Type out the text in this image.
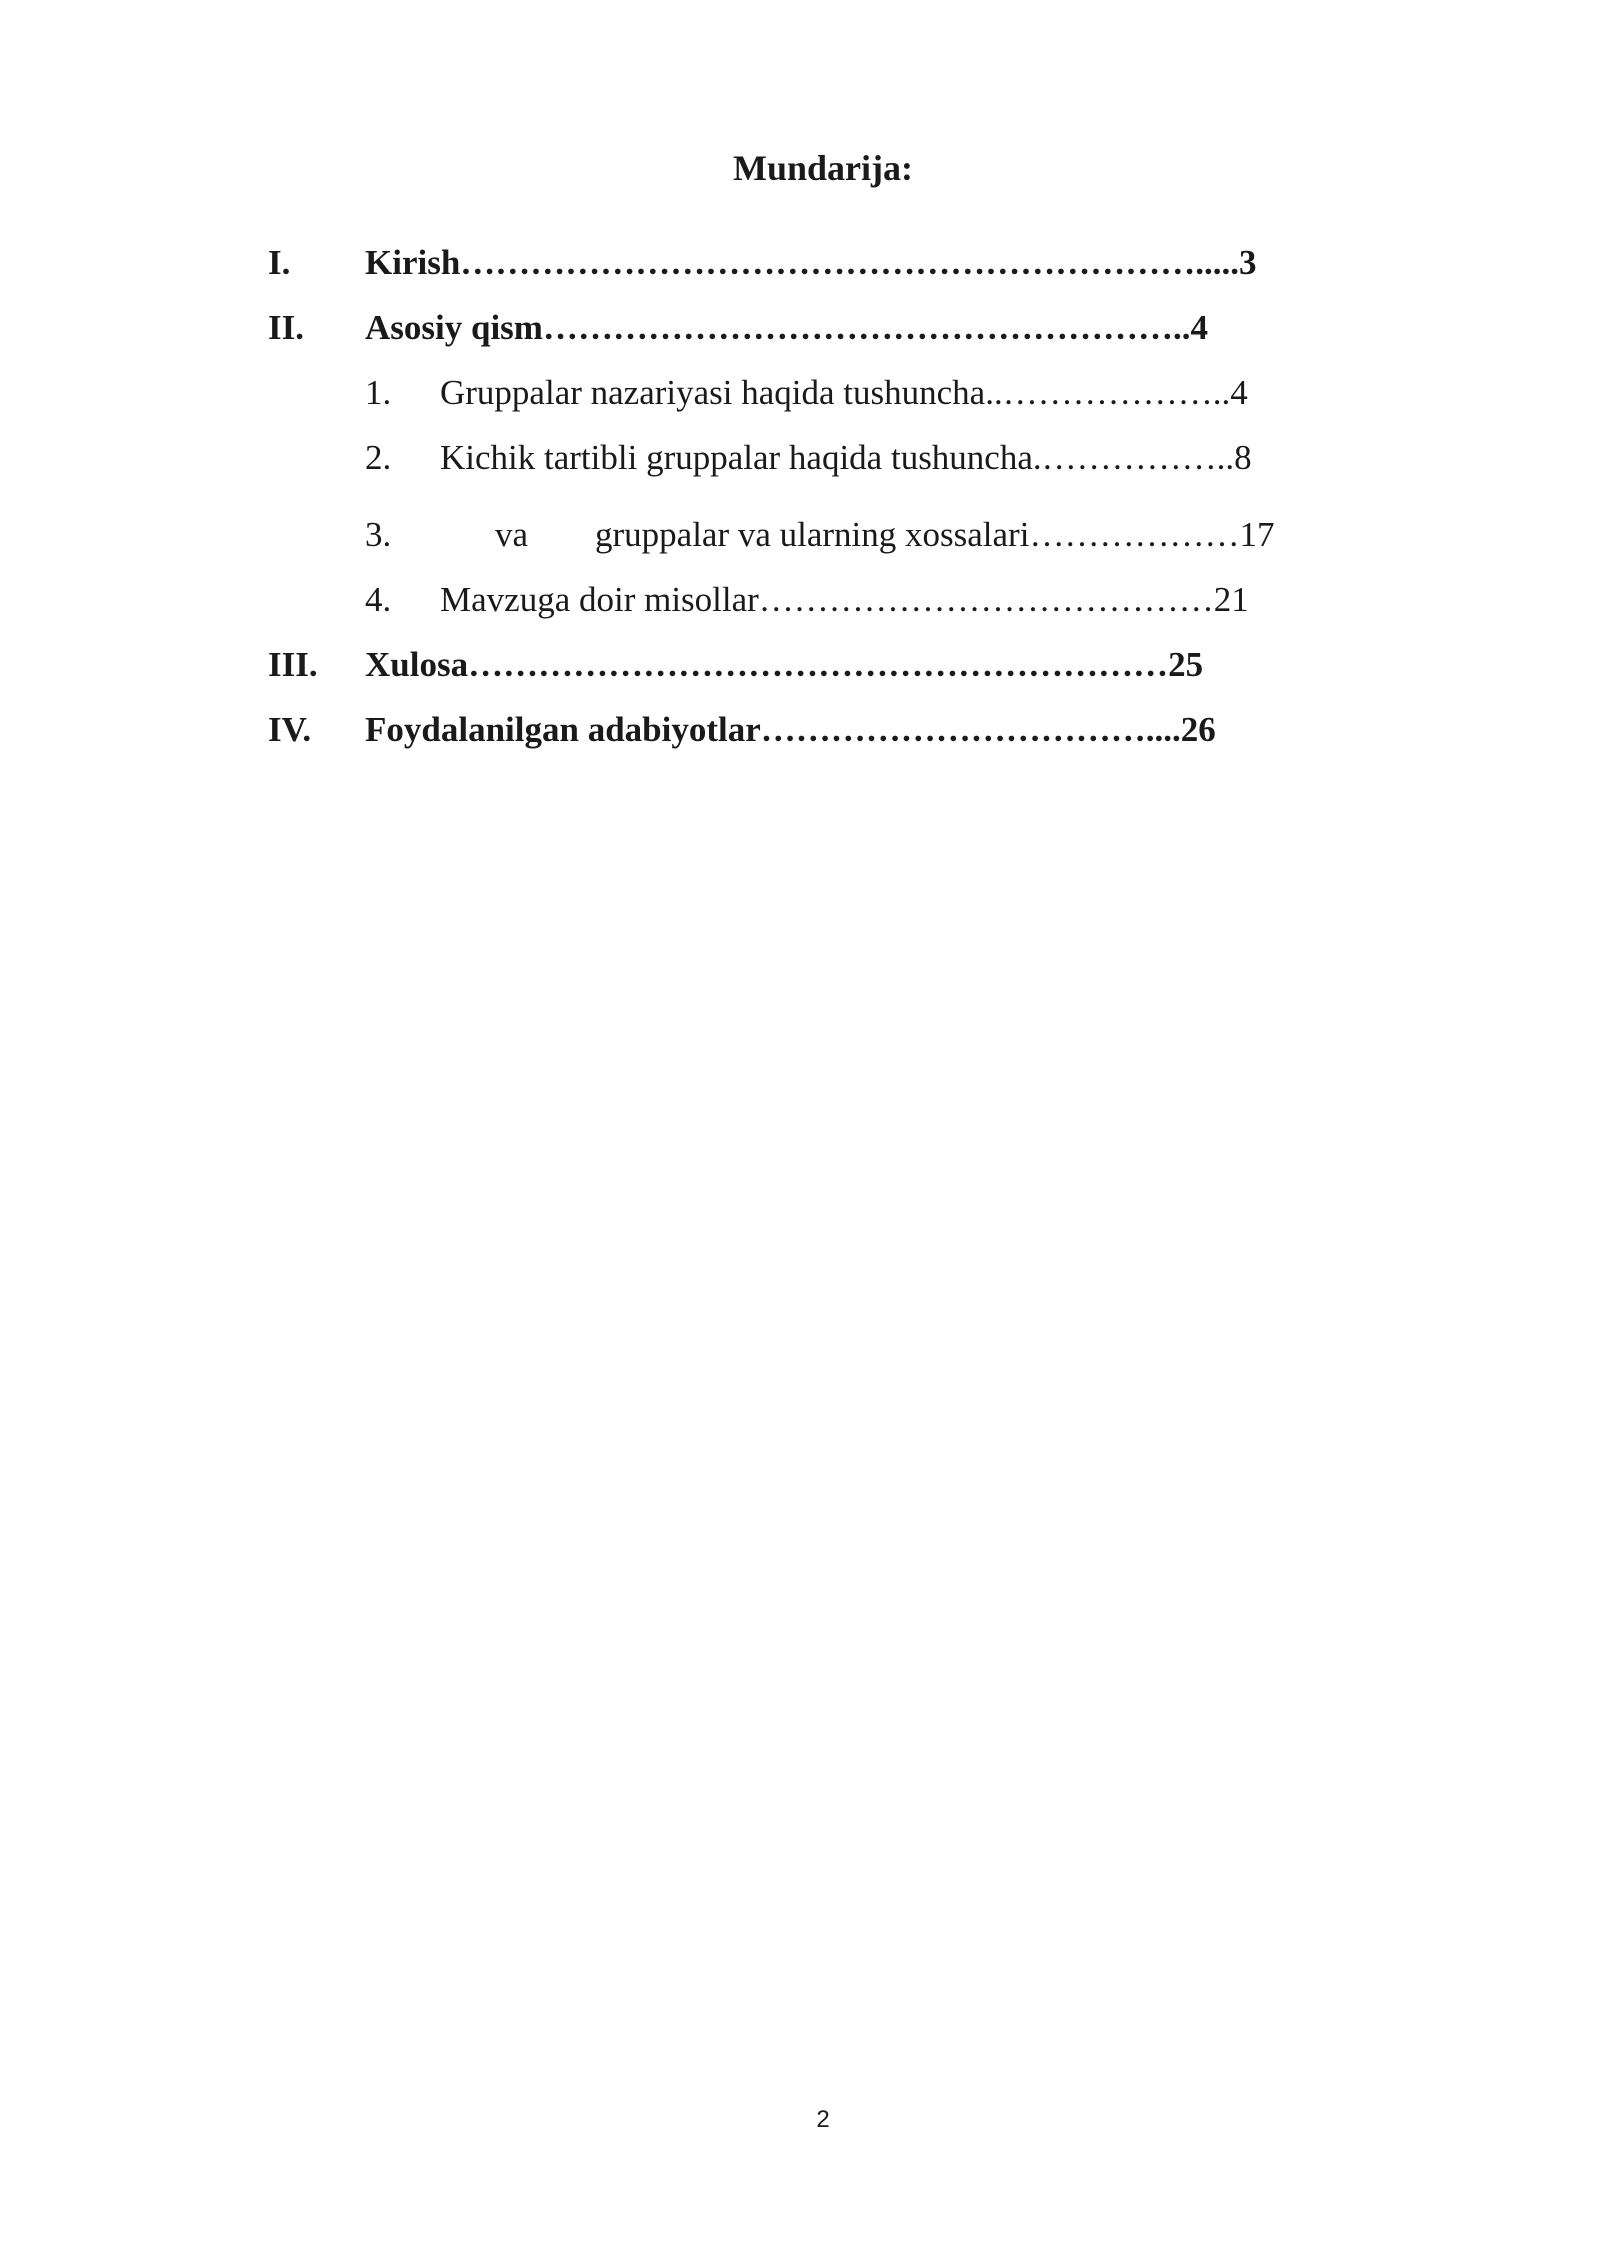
Mundarija:
I. Kirish……………………………………………………….....3
II. Asosiy qism………………………………………………..4
1. Gruppalar nazariyasi haqida tushuncha..………………..4
2. Kichik tartibli gruppalar haqida tushuncha.……………..8
3.	va gruppalar va ularning xossalari………………17
4. Mavzuga doir misollar…………………………………21
III. Xulosa……………………………………………………25
IV. Foydalanilgan adabiyotlar……………………………....26
2
